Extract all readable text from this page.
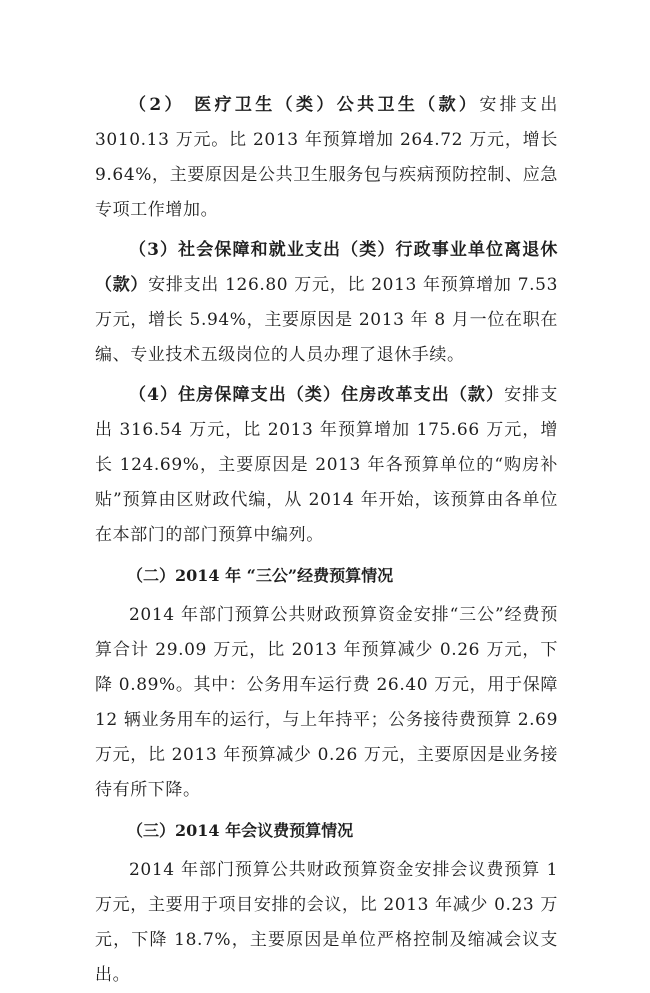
（2） 医疗卫生（类）公共卫生（款）安排支出 3010.13 万元。比 2013 年预算增加 264.72 万元，增长 9.64%，主要原因是公共卫生服务包与疾病预防控制、应急专项工作增加。

（3）社会保障和就业支出（类）行政事业单位离退休（款）安排支出 126.80 万元，比 2013 年预算增加 7.53 万元，增长 5.94%，主要原因是 2013 年 8 月一位在职在编、专业技术五级岗位的人员办理了退休手续。

（4）住房保障支出（类）住房改革支出（款）安排支出 316.54 万元，比 2013 年预算增加 175.66 万元，增长 124.69%，主要原因是 2013 年各预算单位的“购房补贴”预算由区财政代编，从 2014 年开始，该预算由各单位在本部门的部门预算中编列。

（二）2014 年 “三公”经费预算情况

2014 年部门预算公共财政预算资金安排“三公”经费预算合计 29.09 万元，比 2013 年预算减少 0.26 万元，下降 0.89%。其中：公务用车运行费 26.40 万元，用于保障 12 辆业务用车的运行，与上年持平；公务接待费预算 2.69 万元，比 2013 年预算减少 0.26 万元，主要原因是业务接待有所下降。

（三）2014 年会议费预算情况

2014 年部门预算公共财政预算资金安排会议费预算 1 万元，主要用于项目安排的会议，比 2013 年减少 0.23 万元，下降 18.7%，主要原因是单位严格控制及缩减会议支出。
